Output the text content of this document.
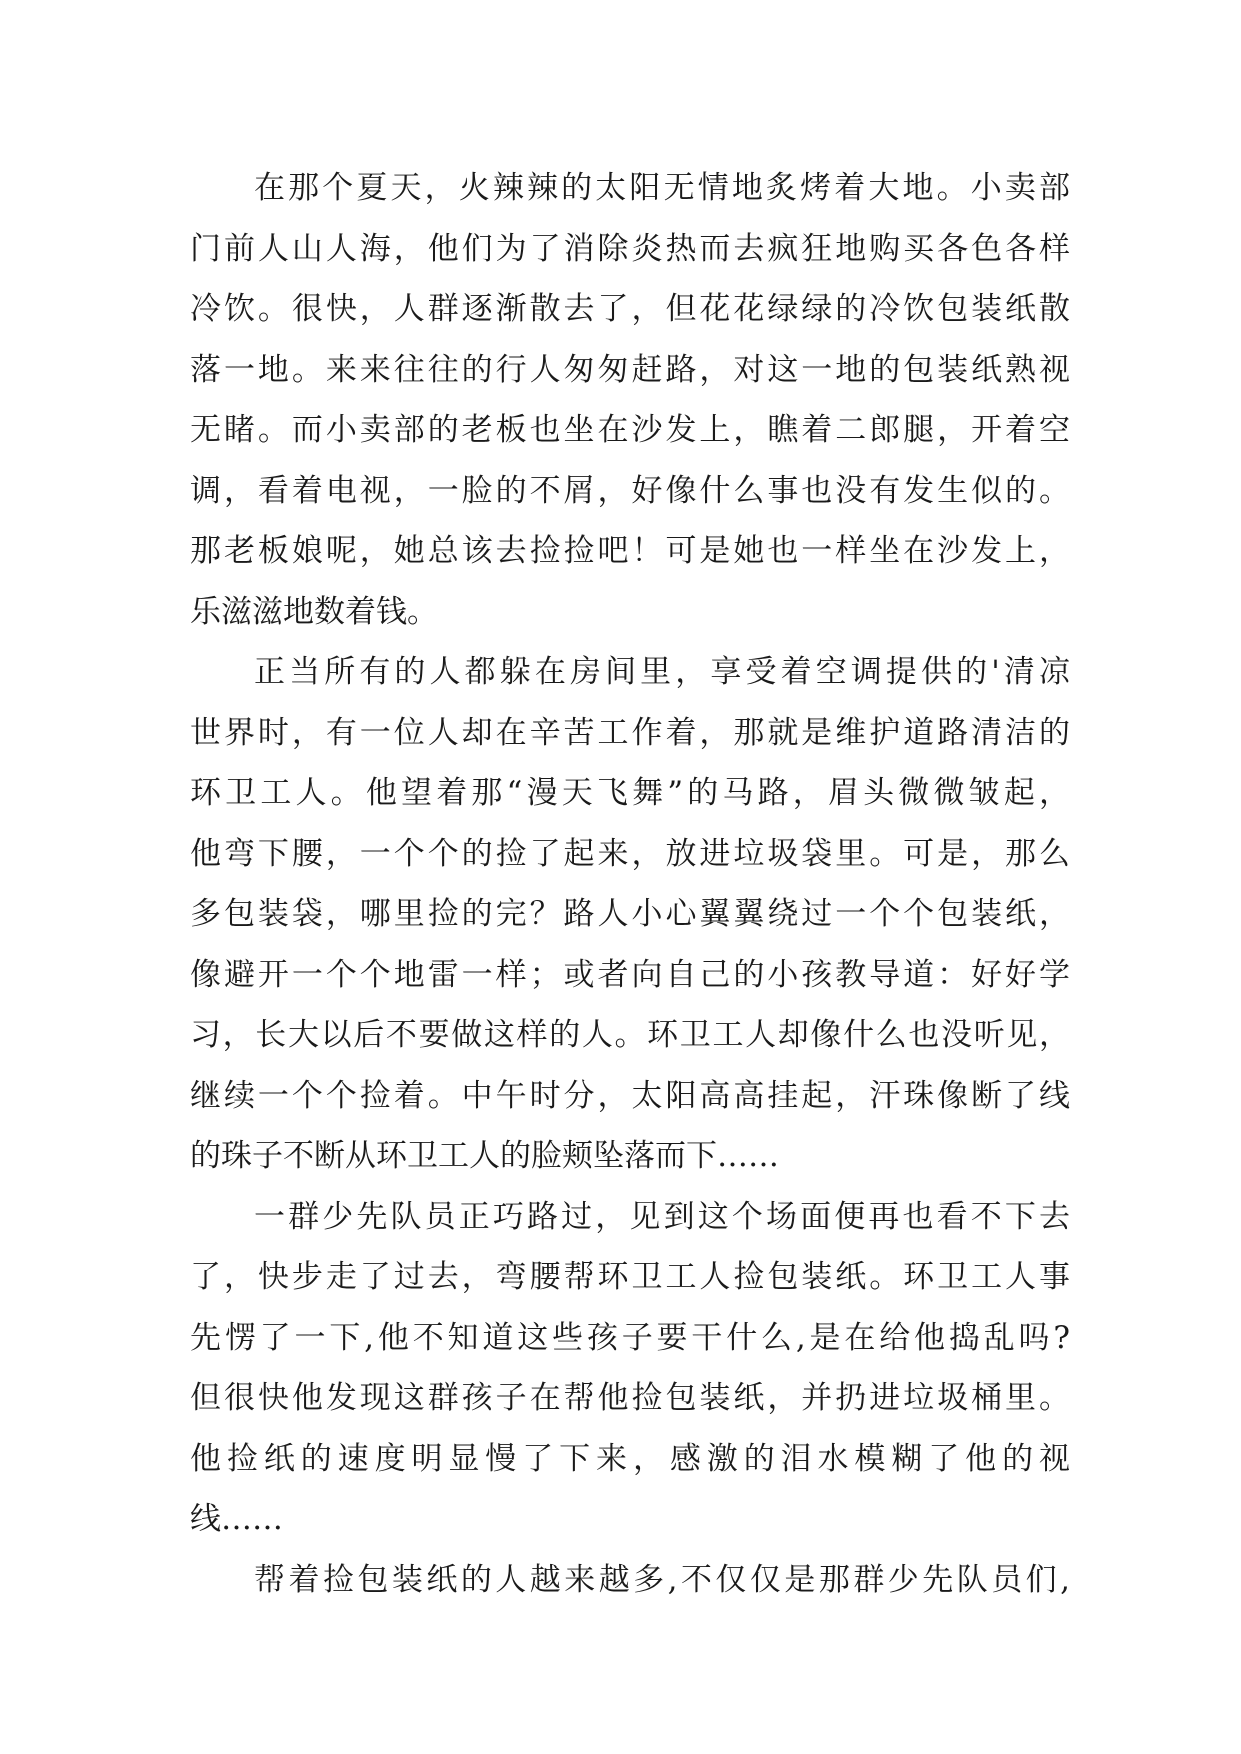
在那个夏天，火辣辣的太阳无情地炙烤着大地。小卖部
门前人山人海，他们为了消除炎热而去疯狂地购买各色各样
冷饮。很快，人群逐渐散去了，但花花绿绿的冷饮包装纸散
落一地。来来往往的行人匆匆赶路，对这一地的包装纸熟视
无睹。而小卖部的老板也坐在沙发上，瞧着二郎腿，开着空
调，看着电视，一脸的不屑，好像什么事也没有发生似的。
那老板娘呢，她总该去捡捡吧！可是她也一样坐在沙发上，
乐滋滋地数着钱。
正当所有的人都躲在房间里，享受着空调提供的'清凉
世界时，有一位人却在辛苦工作着，那就是维护道路清洁的
环卫工人。他望着那“漫天飞舞”的马路，眉头微微皱起，
他弯下腰，一个个的捡了起来，放进垃圾袋里。可是，那么
多包装袋，哪里捡的完？路人小心翼翼绕过一个个包装纸，
像避开一个个地雷一样；或者向自己的小孩教导道：好好学
习，长大以后不要做这样的人。环卫工人却像什么也没听见，
继续一个个捡着。中午时分，太阳高高挂起，汗珠像断了线
的珠子不断从环卫工人的脸颊坠落而下……
一群少先队员正巧路过，见到这个场面便再也看不下去
了，快步走了过去，弯腰帮环卫工人捡包装纸。环卫工人事
先愣了一下,他不知道这些孩子要干什么,是在给他捣乱吗?
但很快他发现这群孩子在帮他捡包装纸，并扔进垃圾桶里。
他捡纸的速度明显慢了下来，感激的泪水模糊了他的视
线……
帮着捡包装纸的人越来越多,不仅仅是那群少先队员们,
